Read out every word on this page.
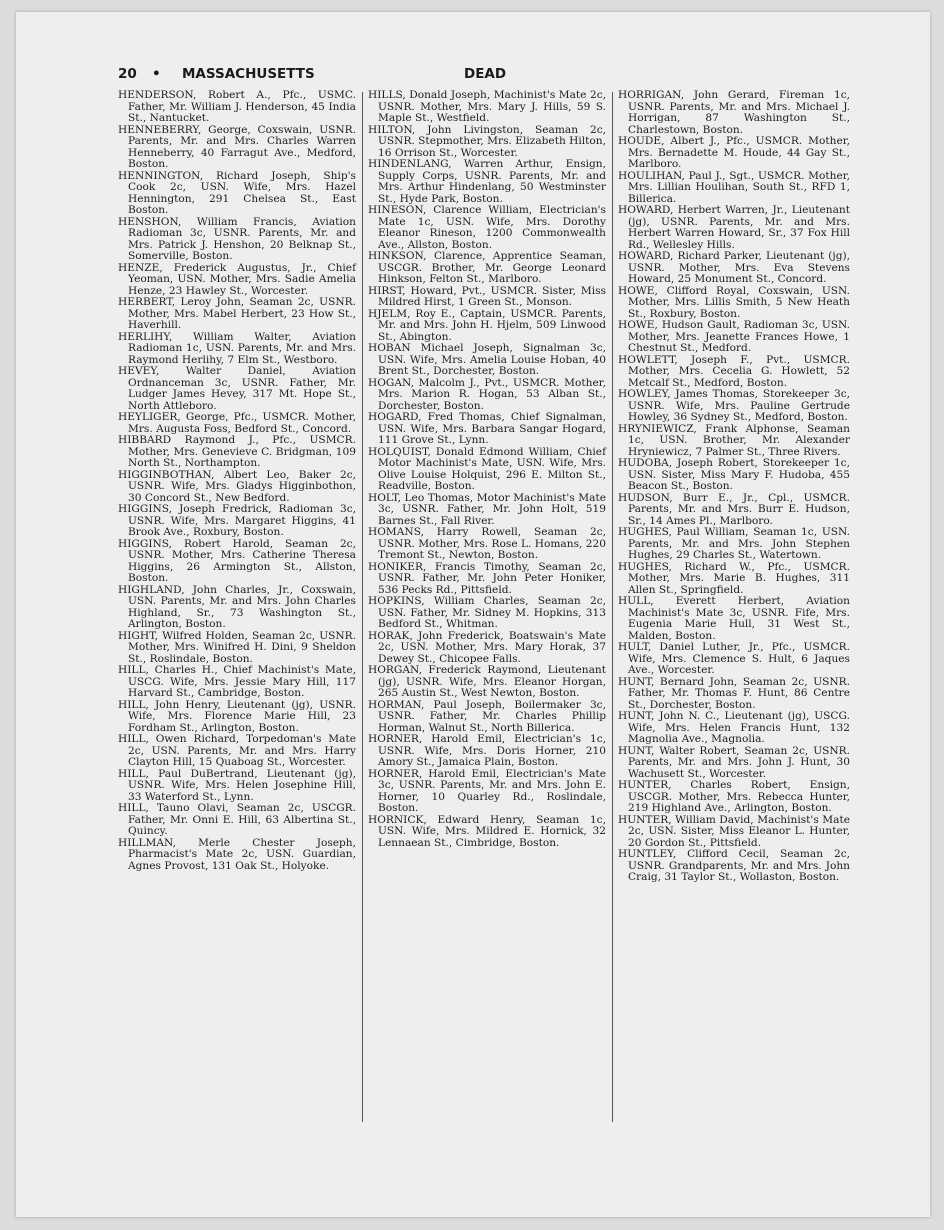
20 • MASSACHUSETTS	DEAD
HENDERSON, Robert A., Pfc., USMC. Father, Mr. William J. Henderson, 45 India St., Nantucket.
HENNEBERRY, George, Coxswain, USNR. Parents, Mr. and Mrs. Charles Warren Henneberry, 40 Farragut Ave., Medford, Boston.
HENNINGTON, Richard Joseph, Ship's Cook 2c, USN. Wife, Mrs. Hazel Hennington, 291 Chelsea St., East Boston.
HENSHON, William Francis, Aviation Radioman 3c, USNR. Parents, Mr. and Mrs. Patrick J. Henshon, 20 Belknap St., Somerville, Boston.
HENZE, Frederick Augustus, Jr., Chief Yeoman, USN. Mother, Mrs. Sadie Amelia Henze, 23 Hawley St., Worcester.
HERBERT, Leroy John, Seaman 2c, USNR. Mother, Mrs. Mabel Herbert, 23 How St., Haverhill.
HERLIHY, William Walter, Aviation Radioman 1c, USN. Parents, Mr. and Mrs. Raymond Herlihy, 7 Elm St., Westboro.
HEVEY, Walter Daniel, Aviation Ordnanceman 3c, USNR. Father, Mr. Ludger James Hevey, 317 Mt. Hope St., North Attleboro.
HEYLIGER, George, Pfc., USMCR. Mother, Mrs. Augusta Foss, Bedford St., Concord.
HIBBARD Raymond J., Pfc., USMCR. Mother, Mrs. Genevieve C. Bridgman, 109 North St., Northampton.
HIGGINBOTHAN, Albert Leo, Baker 2c, USNR. Wife, Mrs. Gladys Higginbothon, 30 Concord St., New Bedford.
HIGGINS, Joseph Fredrick, Radioman 3c, USNR. Wife, Mrs. Margaret Higgins, 41 Brook Ave., Roxbury, Boston.
HIGGINS, Robert Harold, Seaman 2c, USNR. Mother, Mrs. Catherine Theresa Higgins, 26 Armington St., Allston, Boston.
HIGHLAND, John Charles, Jr., Coxswain, USN. Parents, Mr. and Mrs. John Charles Highland, Sr., 73 Washington St., Arlington, Boston.
HIGHT, Wilfred Holden, Seaman 2c, USNR. Mother, Mrs. Winifred H. Dini, 9 Sheldon St., Roslindale, Boston.
HILL, Charles H., Chief Machinist's Mate, USCG. Wife, Mrs. Jessie Mary Hill, 117 Harvard St., Cambridge, Boston.
HILL, John Henry, Lieutenant (jg), USNR. Wife, Mrs. Florence Marie Hill, 23 Fordham St., Arlington, Boston.
HILL, Owen Richard, Torpedoman's Mate 2c, USN. Parents, Mr. and Mrs. Harry Clayton Hill, 15 Quaboag St., Worcester.
HILL, Paul DuBertrand, Lieutenant (jg), USNR. Wife, Mrs. Helen Josephine Hill, 33 Waterford St., Lynn.
HILL, Tauno Olavi, Seaman 2c, USCGR. Father, Mr. Onni E. Hill, 63 Albertina St., Quincy.
HILLMAN, Merle Chester Joseph, Pharmacist's Mate 2c, USN. Guardian, Agnes Provost, 131 Oak St., Holyoke.
HILLS, Donald Joseph, Machinist's Mate 2c, USNR. Mother, Mrs. Mary J. Hills, 59 S. Maple St., Westfield.
HILTON, John Livingston, Seaman 2c, USNR. Stepmother, Mrs. Elizabeth Hilton, 16 Orrison St., Worcester.
HINDENLANG, Warren Arthur, Ensign, Supply Corps, USNR. Parents, Mr. and Mrs. Arthur Hindenlang, 50 Westminster St., Hyde Park, Boston.
HINESON, Clarence William, Electrician's Mate 1c, USN. Wife, Mrs. Dorothy Eleanor Rineson, 1200 Commonwealth Ave., Allston, Boston.
HINKSON, Clarence, Apprentice Seaman, USCGR. Brother, Mr. George Leonard Hinkson, Felton St., Marlboro.
HIRST, Howard, Pvt., USMCR. Sister, Miss Mildred Hirst, 1 Green St., Monson.
HJELM, Roy E., Captain, USMCR. Parents, Mr. and Mrs. John H. Hjelm, 509 Linwood St., Abington.
HOBAN Michael Joseph, Signalman 3c, USN. Wife, Mrs. Amelia Louise Hoban, 40 Brent St., Dorchester, Boston.
HOGAN, Malcolm J., Pvt., USMCR. Mother, Mrs. Marion R. Hogan, 53 Alban St., Dorchester, Boston.
HOGARD, Fred Thomas, Chief Signalman, USN. Wife, Mrs. Barbara Sangar Hogard, 111 Grove St., Lynn.
HOLQUIST, Donald Edmond William, Chief Motor Machinist's Mate, USN. Wife, Mrs. Olive Louise Holquist, 296 E. Milton St., Readville, Boston.
HOLT, Leo Thomas, Motor Machinist's Mate 3c, USNR. Father, Mr. John Holt, 519 Barnes St., Fall River.
HOMANS, Harry Rowell, Seaman 2c, USNR. Mother, Mrs. Rose L. Homans, 220 Tremont St., Newton, Boston.
HONIKER, Francis Timothy, Seaman 2c, USNR. Father, Mr. John Peter Honiker, 536 Pecks Rd., Pittsfield.
HOPKINS, William Charles, Seaman 2c, USN. Father, Mr. Sidney M. Hopkins, 313 Bedford St., Whitman.
HORAK, John Frederick, Boatswain's Mate 2c, USN. Mother, Mrs. Mary Horak, 37 Dewey St., Chicopee Falls.
HORGAN, Frederick Raymond, Lieutenant (jg), USNR. Wife, Mrs. Eleanor Horgan, 265 Austin St., West Newton, Boston.
HORMAN, Paul Joseph, Boilermaker 3c, USNR. Father, Mr. Charles Phillip Horman, Walnut St., North Billerica.
HORNER, Harold Emil, Electrician's 1c, USNR. Wife, Mrs. Doris Horner, 210 Amory St., Jamaica Plain, Boston.
HORNER, Harold Emil, Electrician's Mate 3c, USNR. Parents, Mr. and Mrs. John E. Horner, 10 Quarley Rd., Roslindale, Boston.
HORNICK, Edward Henry, Seaman 1c, USN. Wife, Mrs. Mildred E. Hornick, 32 Lennaean St., Cimbridge, Boston.
HORRIGAN, John Gerard, Fireman 1c, USNR. Parents, Mr. and Mrs. Michael J. Horrigan, 87 Washington St., Charlestown, Boston.
HOUDE, Albert J., Pfc., USMCR. Mother, Mrs. Bernadette M. Houde, 44 Gay St., Marlboro.
HOULIHAN, Paul J., Sgt., USMCR. Mother, Mrs. Lillian Houlihan, South St., RFD 1, Billerica.
HOWARD, Herbert Warren, Jr., Lieutenant (jg), USNR. Parents, Mr. and Mrs. Herbert Warren Howard, Sr., 37 Fox Hill Rd., Wellesley Hills.
HOWARD, Richard Parker, Lieutenant (jg), USNR. Mother, Mrs. Eva Stevens Howard, 25 Monument St., Concord.
HOWE, Clifford Royal, Coxswain, USN. Mother, Mrs. Lillis Smith, 5 New Heath St., Roxbury, Boston.
HOWE, Hudson Gault, Radioman 3c, USN. Mother, Mrs. Jeanette Frances Howe, 1 Chestnut St., Medford.
HOWLETT, Joseph F., Pvt., USMCR. Mother, Mrs. Cecelia G. Howlett, 52 Metcalf St., Medford, Boston.
HOWLEY, James Thomas, Storekeeper 3c, USNR. Wife, Mrs. Pauline Gertrude Howley, 36 Sydney St., Medford, Boston.
HRYNIEWICZ, Frank Alphonse, Seaman 1c, USN. Brother, Mr. Alexander Hryniewicz, 7 Palmer St., Three Rivers.
HUDOBA, Joseph Robert, Storekeeper 1c, USN. Sister, Miss Mary F. Hudoba, 455 Beacon St., Boston.
HUDSON, Burr E., Jr., Cpl., USMCR. Parents, Mr. and Mrs. Burr E. Hudson, Sr., 14 Ames Pl., Marlboro.
HUGHES, Paul William, Seaman 1c, USN. Parents, Mr. and Mrs. John Stephen Hughes, 29 Charles St., Watertown.
HUGHES, Richard W., Pfc., USMCR. Mother, Mrs. Marie B. Hughes, 311 Allen St., Springfield.
HULL, Everett Herbert, Aviation Machinist's Mate 3c, USNR. Fife, Mrs. Eugenia Marie Hull, 31 West St., Malden, Boston.
HULT, Daniel Luther, Jr., Pfc., USMCR. Wife, Mrs. Clemence S. Hult, 6 Jaques Ave., Worcester.
HUNT, Bernard John, Seaman 2c, USNR. Father, Mr. Thomas F. Hunt, 86 Centre St., Dorchester, Boston.
HUNT, John N. C., Lieutenant (jg), USCG. Wife, Mrs. Helen Francis Hunt, 132 Magnolia Ave., Magnolia.
HUNT, Walter Robert, Seaman 2c, USNR. Parents, Mr. and Mrs. John J. Hunt, 30 Wachusett St., Worcester.
HUNTER, Charles Robert, Ensign, USCGR. Mother, Mrs. Rebecca Hunter, 219 Highland Ave., Arlington, Boston.
HUNTER, William David, Machinist's Mate 2c, USN. Sister, Miss Eleanor L. Hunter, 20 Gordon St., Pittsfield.
HUNTLEY, Clifford Cecil, Seaman 2c, USNR. Grandparents, Mr. and Mrs. John Craig, 31 Taylor St., Wollaston, Boston.
